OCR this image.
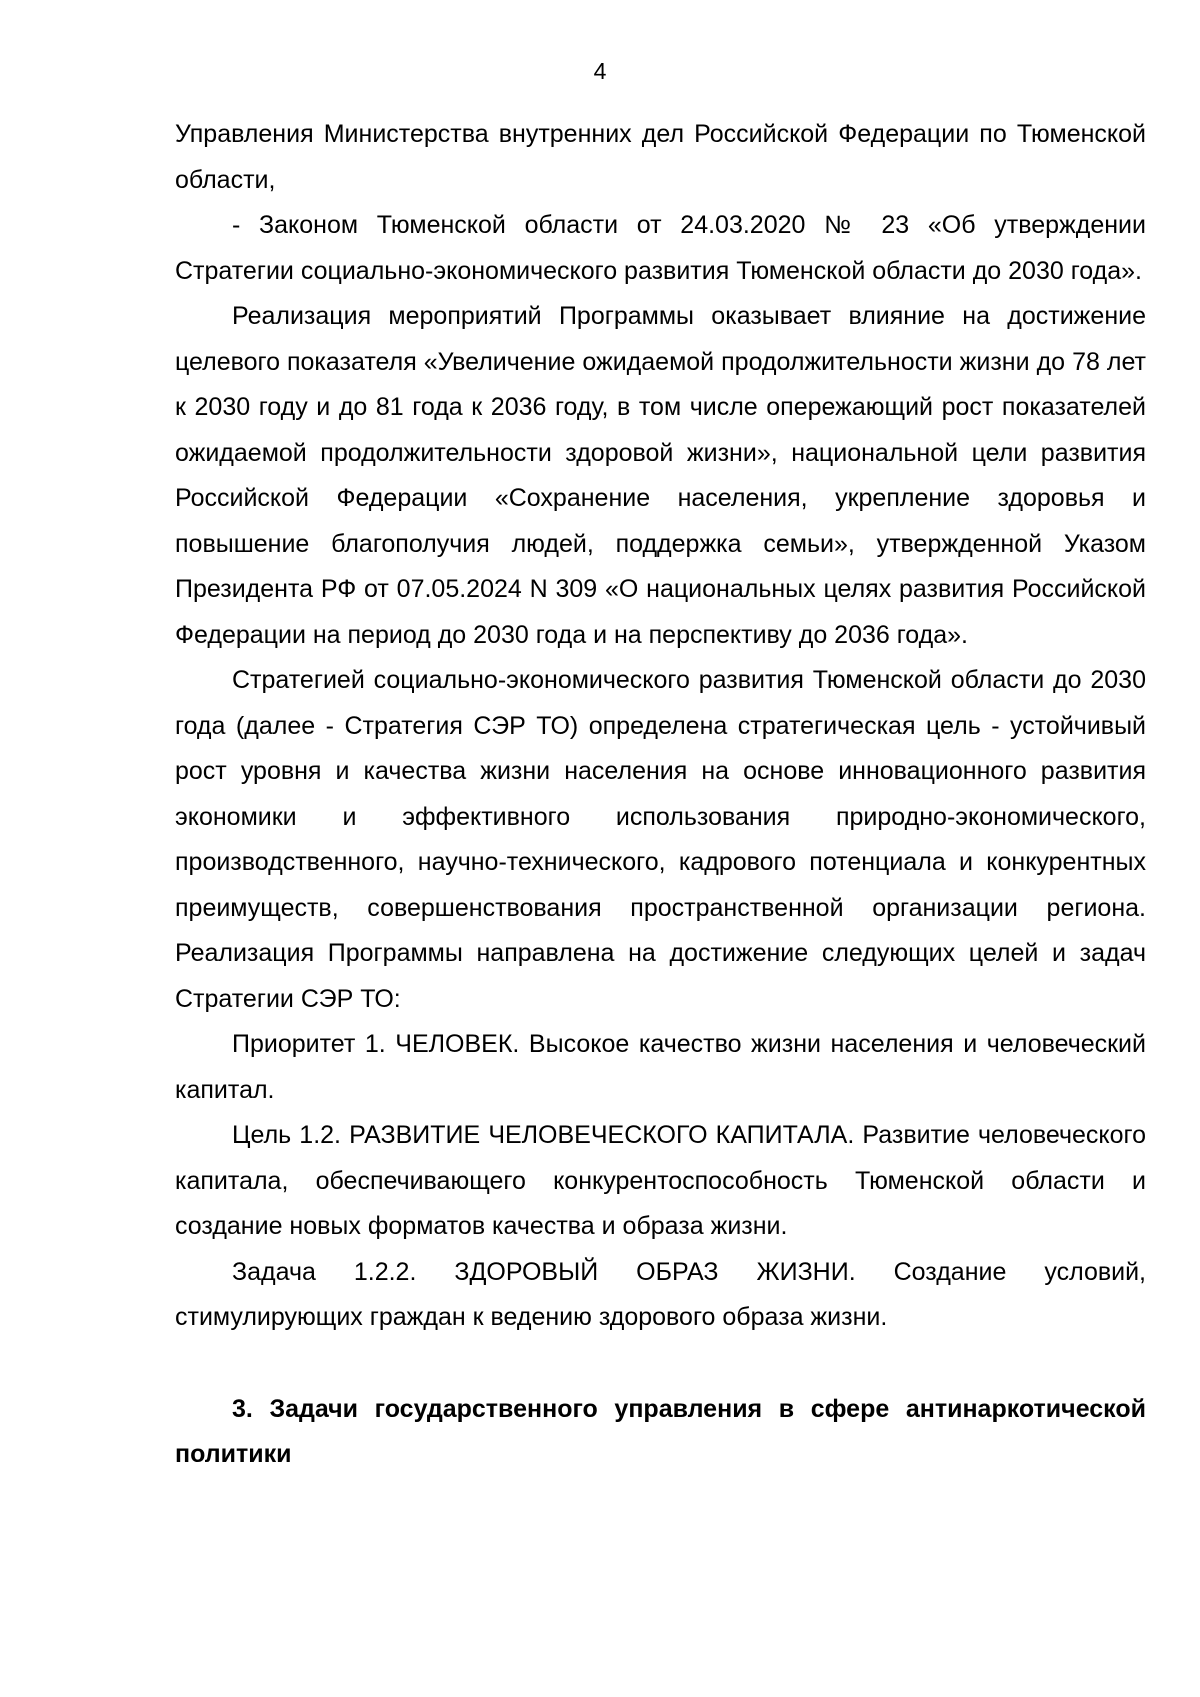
4

Управления Министерства внутренних дел Российской Федерации по Тюменской области,

- Законом Тюменской области от 24.03.2020 № 23 «Об утверждении Стратегии социально-экономического развития Тюменской области до 2030 года».

Реализация мероприятий Программы оказывает влияние на достижение целевого показателя «Увеличение ожидаемой продолжительности жизни до 78 лет к 2030 году и до 81 года к 2036 году, в том числе опережающий рост показателей ожидаемой продолжительности здоровой жизни», национальной цели развития Российской Федерации «Сохранение населения, укрепление здоровья и повышение благополучия людей, поддержка семьи», утвержденной Указом Президента РФ от 07.05.2024 N 309 «О национальных целях развития Российской Федерации на период до 2030 года и на перспективу до 2036 года».

Стратегией социально-экономического развития Тюменской области до 2030 года (далее - Стратегия СЭР ТО) определена стратегическая цель - устойчивый рост уровня и качества жизни населения на основе инновационного развития экономики и эффективного использования природно-экономического, производственного, научно-технического, кадрового потенциала и конкурентных преимуществ, совершенствования пространственной организации региона. Реализация Программы направлена на достижение следующих целей и задач Стратегии СЭР ТО:

Приоритет 1. ЧЕЛОВЕК. Высокое качество жизни населения и человеческий капитал.

Цель 1.2. РАЗВИТИЕ ЧЕЛОВЕЧЕСКОГО КАПИТАЛА. Развитие человеческого капитала, обеспечивающего конкурентоспособность Тюменской области и создание новых форматов качества и образа жизни.

Задача 1.2.2. ЗДОРОВЫЙ ОБРАЗ ЖИЗНИ. Создание условий, стимулирующих граждан к ведению здорового образа жизни.

3. Задачи государственного управления в сфере антинаркотической политики
